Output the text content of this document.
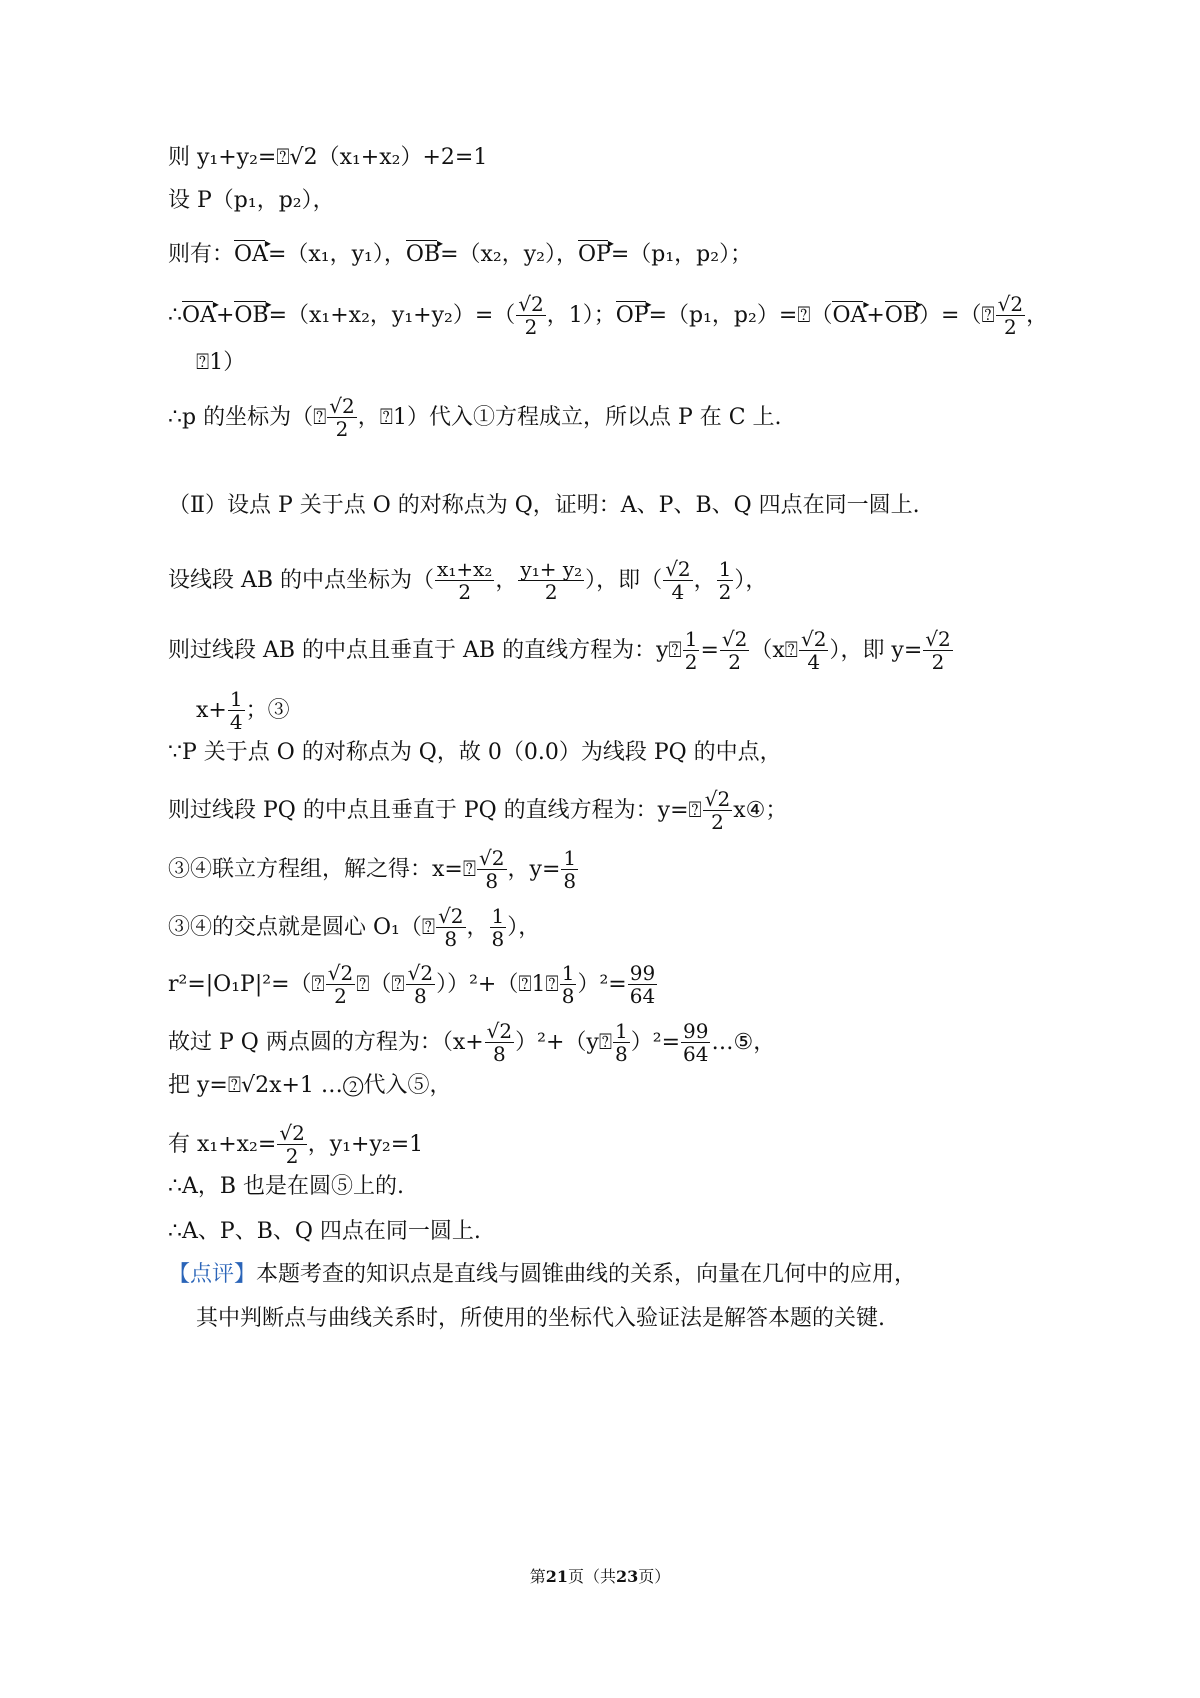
则 y₁+y₂=⍰√2（x₁+x₂）+2=1
设 P（p₁，p₂），
则有：OA ▸=（x₁，y₁），OB ▸=（x₂，y₂），OP ▸=（p₁，p₂）；
∴OA ▸+OB ▸=（x₁+x₂，$y_1+y_2)=( \frac{√2}{2}$ ，1）；OP ▸=（p₁，p₂）=⍰（OA ▸+OB ▸）=（⍰ $\frac{√2}{2}$ ，
⍰1）
∴p 的坐标为（⍰ $\frac{√2}{2}$ ，⍰1）代入①方程成立，所以点 P 在 C 上.
（Ⅱ）设点 P 关于点 O 的对称点为 Q，证明：A、P、B、Q 四点在同一圆上.
设线段 AB 的中点坐标为（ $\frac{\text{x₁+x₂}}{2}$ ， $\frac{\text{y₁+ y₂}}{2}$ ），即（ $\frac{√2}{4}$ ， $\frac{1}{2}$ ），
则过线段 AB 的中点且垂直于 AB 的直线方程为：y⍰ $\frac{1}{2} = \frac{√2}{2}$ （x⍰ $\frac{√2}{4}$ ），即 $y= \frac{√2}{2}$
$x+ \frac{1}{4}$ ；③
∵P 关于点 O 的对称点为 Q，故 0（0.0）为线段 PQ 的中点，
则过线段 PQ 的中点且垂直于 PQ 的直线方程为：y=⍰ $\frac{√2}{2}$ x④；
③④联立方程组，解之得：x=⍰ $\frac{√2}{8}$ ，$y= \frac{1}{8}$
③④的交点就是圆心 O₁（⍰ $\frac{√2}{8}$ ， $\frac{1}{8}$ ），
r²=|O₁P|²=（⍰ $\frac{√2}{2}$ ⍰（⍰ $\frac{√2}{8}$ ））²+（⍰1⍰ $\frac{1}{8} )^2= \frac{99}{64}$
故过 P Q 两点圆的方程为：（$x+ \frac{√2}{8}$ ）²+（y⍰ $\frac{1}{8} )^2= \frac{99}{64}$ …⑤，
把 y=⍰√2x+1 …②代入⑤，
有 $x_1+x_2= \frac{√2}{2}$ ，y₁+y₂=1
∴A，B 也是在圆⑤上的.
∴A、P、B、Q 四点在同一圆上.
【点评】本题考查的知识点是直线与圆锥曲线的关系，向量在几何中的应用，
其中判断点与曲线关系时，所使用的坐标代入验证法是解答本题的关键.
第21页（共23页）
